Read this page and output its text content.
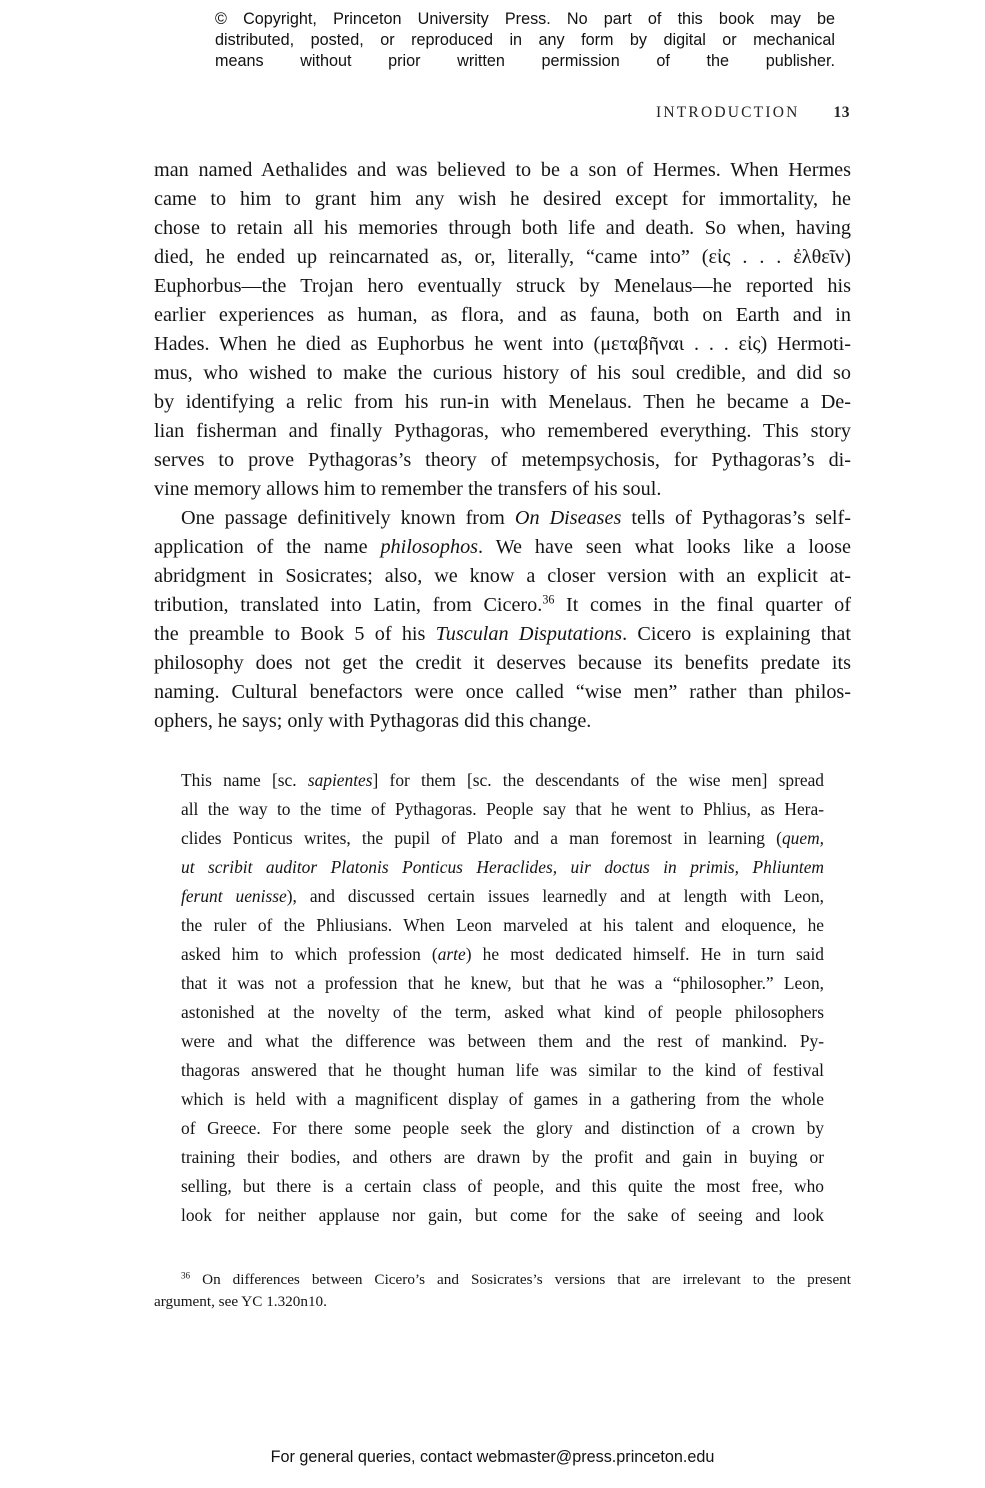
© Copyright, Princeton University Press. No part of this book may be
distributed, posted, or reproduced in any form by digital or mechanical
means without prior written permission of the publisher.
INTRODUCTION 13
man named Aethalides and was believed to be a son of Hermes. When Hermes
came to him to grant him any wish he desired except for immortality, he
chose to retain all his memories through both life and death. So when, having
died, he ended up reincarnated as, or, literally, “came into” (εἰς . . . ἐλθεῖν)
Euphorbus—the Trojan hero eventually struck by Menelaus—he reported his
earlier experiences as human, as flora, and as fauna, both on Earth and in
Hades. When he died as Euphorbus he went into (μεταβῆναι . . . εἰς) Hermoti-
mus, who wished to make the curious history of his soul credible, and did so
by identifying a relic from his run-in with Menelaus. Then he became a De-
lian fisherman and finally Pythagoras, who remembered everything. This story
serves to prove Pythagoras’s theory of metempsychosis, for Pythagoras’s di-
vine memory allows him to remember the transfers of his soul.
One passage definitively known from On Diseases tells of Pythagoras’s self-
application of the name philosophos. We have seen what looks like a loose
abridgment in Sosicrates; also, we know a closer version with an explicit at-
tribution, translated into Latin, from Cicero.$^{36}$ It comes in the final quarter of
the preamble to Book 5 of his Tusculan Disputations. Cicero is explaining that
philosophy does not get the credit it deserves because its benefits predate its
naming. Cultural benefactors were once called “wise men” rather than philos-
ophers, he says; only with Pythagoras did this change.
This name [sc. sapientes] for them [sc. the descendants of the wise men] spread
all the way to the time of Pythagoras. People say that he went to Phlius, as Hera-
clides Ponticus writes, the pupil of Plato and a man foremost in learning (quem,
ut scribit auditor Platonis Ponticus Heraclides, uir doctus in primis, Phliuntem
ferunt uenisse), and discussed certain issues learnedly and at length with Leon,
the ruler of the Phliusians. When Leon marveled at his talent and eloquence, he
asked him to which profession (arte) he most dedicated himself. He in turn said
that it was not a profession that he knew, but that he was a “philosopher.” Leon,
astonished at the novelty of the term, asked what kind of people philosophers
were and what the difference was between them and the rest of mankind. Py-
thagoras answered that he thought human life was similar to the kind of festival
which is held with a magnificent display of games in a gathering from the whole
of Greece. For there some people seek the glory and distinction of a crown by
training their bodies, and others are drawn by the profit and gain in buying or
selling, but there is a certain class of people, and this quite the most free, who
look for neither applause nor gain, but come for the sake of seeing and look
$^{36}$ On differences between Cicero’s and Sosicrates’s versions that are irrelevant to the present
argument, see YC 1.320n10.
For general queries, contact webmaster@press.princeton.edu
